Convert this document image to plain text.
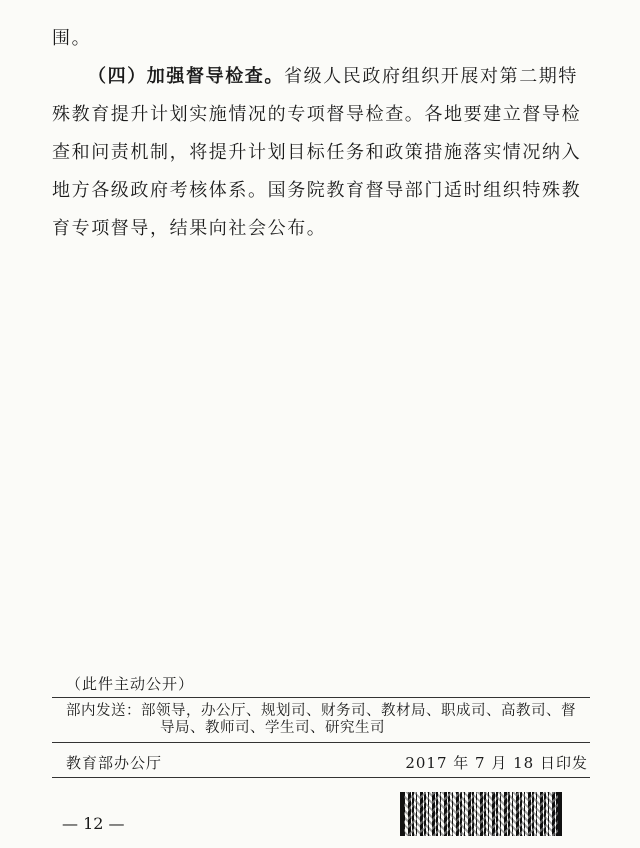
围。

（四）加强督导检查。省级人民政府组织开展对第二期特殊教育提升计划实施情况的专项督导检查。各地要建立督导检查和问责机制，将提升计划目标任务和政策措施落实情况纳入地方各级政府考核体系。国务院教育督导部门适时组织特殊教育专项督导，结果向社会公布。

（此件主动公开）
部内发送：部领导，办公厅、规划司、财务司、教材局、职成司、高教司、督
导局、教师司、学生司、研究生司
教育部办公厅	2017 年 7 月 18 日印发
— 12 —
